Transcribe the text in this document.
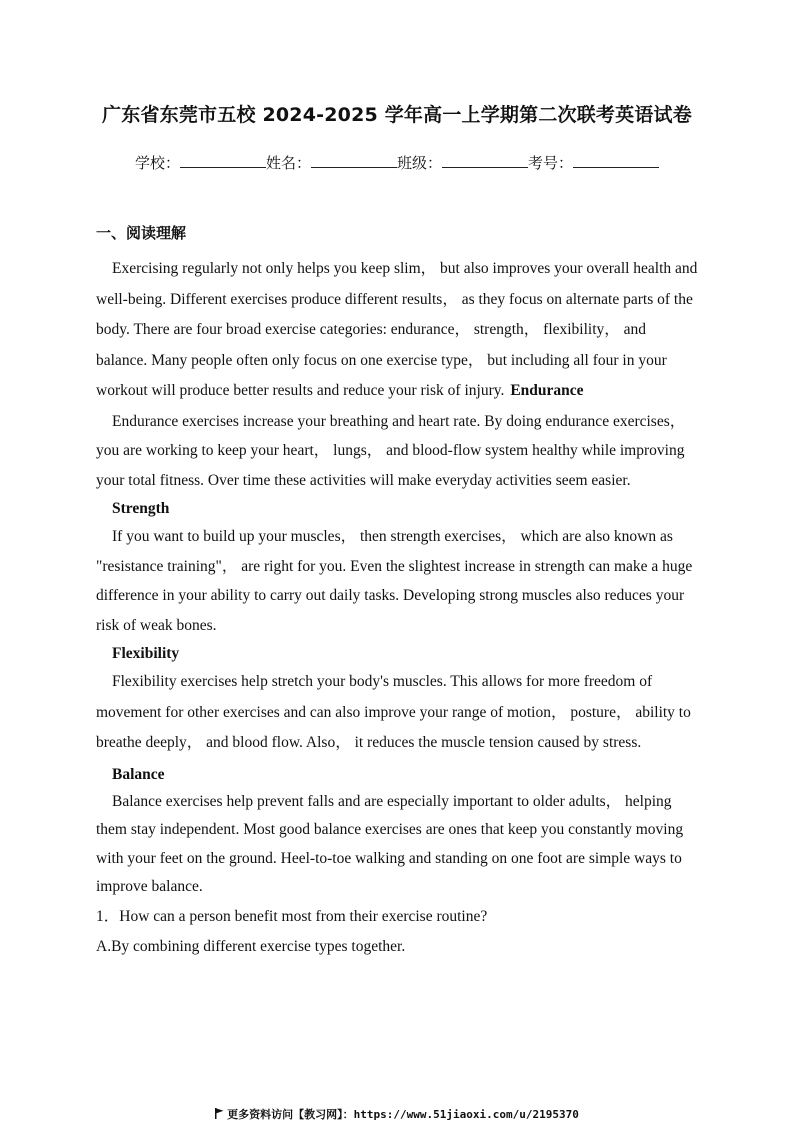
广东省东莞市五校 2024-2025 学年高一上学期第二次联考英语试卷
学校：	姓名：	班级：	考号：
一、阅读理解

Exercising regularly not only helps you keep slim， but also improves your overall health and well-being. Different exercises produce different results， as they focus on alternate parts of the body. There are four broad exercise categories: endurance， strength， flexibility， and balance. Many people often only focus on one exercise type， but including all four in your workout will produce better results and reduce your risk of injury. Endurance

Endurance exercises increase your breathing and heart rate. By doing endurance exercises， you are working to keep your heart， lungs， and blood-flow system healthy while improving your total fitness. Over time these activities will make everyday activities seem easier.

Strength

If you want to build up your muscles， then strength exercises， which are also known as "resistance training"， are right for you. Even the slightest increase in strength can make a huge difference in your ability to carry out daily tasks. Developing strong muscles also reduces your risk of weak bones.

Flexibility

Flexibility exercises help stretch your body's muscles. This allows for more freedom of movement for other exercises and can also improve your range of motion， posture， ability to breathe deeply， and blood flow. Also， it reduces the muscle tension caused by stress.

Balance

Balance exercises help prevent falls and are especially important to older adults， helping them stay independent. Most good balance exercises are ones that keep you constantly moving with your feet on the ground. Heel-to-toe walking and standing on one foot are simple ways to improve balance.

1．How can a person benefit most from their exercise routine?

A.By combining different exercise types together.

更多资料访问【教习网】：https://www.51jiaoxi.com/u/2195370
